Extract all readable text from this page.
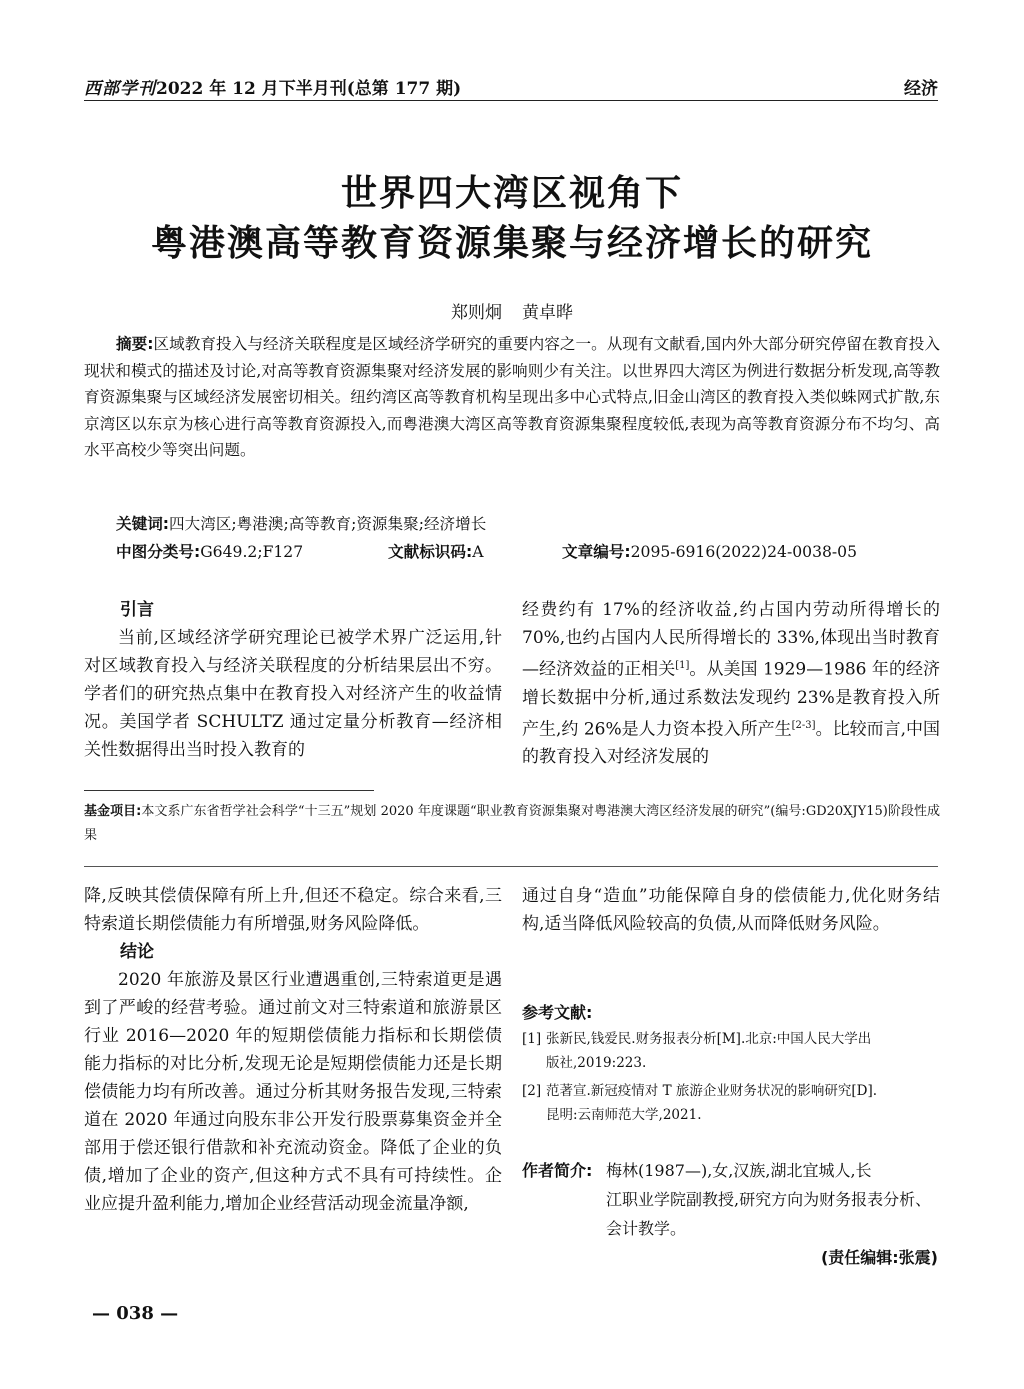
西部学刊2022 年 12 月下半月刊(总第 177 期)	经济
世界四大湾区视角下
粤港澳高等教育资源集聚与经济增长的研究
郑则炯 黄卓晔
摘要:区域教育投入与经济关联程度是区域经济学研究的重要内容之一。从现有文献看,国内外大部分研究停留在教育投入现状和模式的描述及讨论,对高等教育资源集聚对经济发展的影响则少有关注。以世界四大湾区为例进行数据分析发现,高等教育资源集聚与区域经济发展密切相关。纽约湾区高等教育机构呈现出多中心式特点,旧金山湾区的教育投入类似蛛网式扩散,东京湾区以东京为核心进行高等教育资源投入,而粤港澳大湾区高等教育资源集聚程度较低,表现为高等教育资源分布不均匀、高水平高校少等突出问题。
关键词:四大湾区;粤港澳;高等教育;资源集聚;经济增长
中图分类号:G649.2;F127	文献标识码:A	文章编号:2095-6916(2022)24-0038-05
引言

当前,区域经济学研究理论已被学术界广泛运用,针对区域教育投入与经济关联程度的分析结果层出不穷。学者们的研究热点集中在教育投入对经济产生的收益情况。美国学者 SCHULTZ 通过定量分析教育—经济相关性数据得出当时投入教育的

经费约有 17%的经济收益,约占国内劳动所得增长的 70%,也约占国内人民所得增长的 33%,体现出当时教育—经济效益的正相关[1]。从美国 1929—1986 年的经济增长数据中分析,通过系数法发现约 23%是教育投入所产生,约 26%是人力资本投入所产生[2-3]。比较而言,中国的教育投入对经济发展的
基金项目:本文系广东省哲学社会科学“十三五”规划 2020 年度课题“职业教育资源集聚对粤港澳大湾区经济发展的研究”(编号:GD20XJY15)阶段性成果
降,反映其偿债保障有所上升,但还不稳定。综合来看,三特索道长期偿债能力有所增强,财务风险降低。
结论

2020 年旅游及景区行业遭遇重创,三特索道更是遇到了严峻的经营考验。通过前文对三特索道和旅游景区行业 2016—2020 年的短期偿债能力指标和长期偿债能力指标的对比分析,发现无论是短期偿债能力还是长期偿债能力均有所改善。通过分析其财务报告发现,三特索道在 2020 年通过向股东非公开发行股票募集资金并全部用于偿还银行借款和补充流动资金。降低了企业的负债,增加了企业的资产,但这种方式不具有可持续性。企业应提升盈利能力,增加企业经营活动现金流量净额,

通过自身“造血”功能保障自身的偿债能力,优化财务结构,适当降低风险较高的负债,从而降低财务风险。
参考文献:
[1] 张新民,钱爱民.财务报表分析[M].北京:中国人民大学出
版社,2019:223.
[2] 范著宣.新冠疫情对 T 旅游企业财务状况的影响研究[D].
昆明:云南师范大学,2021.
作者简介: 梅林(1987—),女,汉族,湖北宜城人,长
江职业学院副教授,研究方向为财务报表分析、会计教学。
(责任编辑:张震)
— 038 —
